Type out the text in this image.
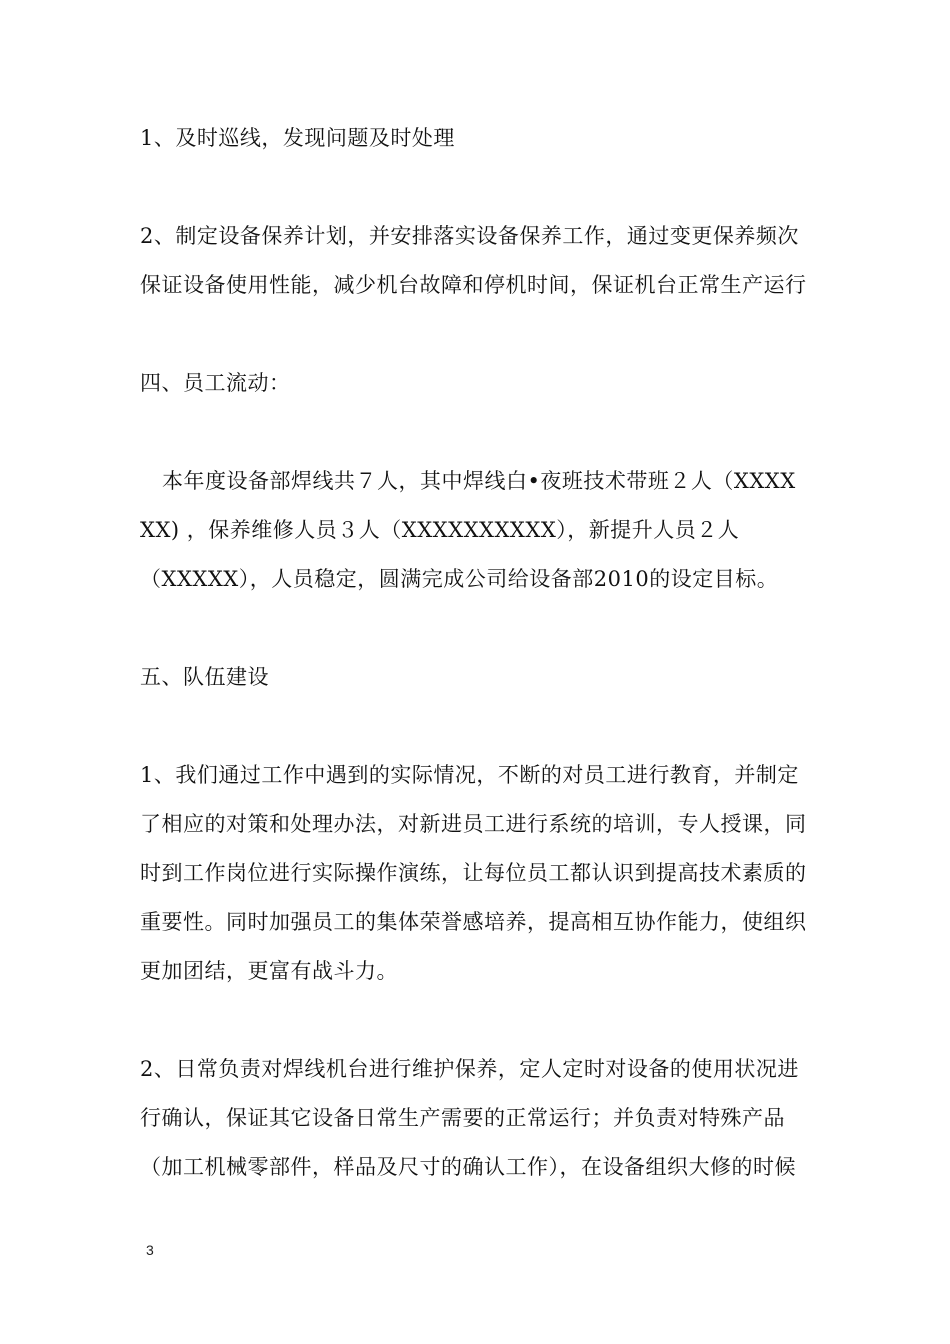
1、及时巡线，发现问题及时处理
2、制定设备保养计划，并安排落实设备保养工作，通过变更保养频次
保证设备使用性能，减少机台故障和停机时间，保证机台正常生产运行
四、员工流动：
本年度设备部焊线共７人，其中焊线白•夜班技术带班２人（XXXX
XX) ，保养维修人员３人（XXXXXXXXXX），新提升人员２人
（XXXXX），人员稳定，圆满完成公司给设备部2010的设定目标。
五、队伍建设
1、我们通过工作中遇到的实际情况，不断的对员工进行教育，并制定
了相应的对策和处理办法，对新进员工进行系统的培训，专人授课，同
时到工作岗位进行实际操作演练，让每位员工都认识到提高技术素质的
重要性。同时加强员工的集体荣誉感培养，提高相互协作能力，使组织
更加团结，更富有战斗力。
2、日常负责对焊线机台进行维护保养，定人定时对设备的使用状况进
行确认，保证其它设备日常生产需要的正常运行；并负责对特殊产品
（加工机械零部件，样品及尺寸的确认工作），在设备组织大修的时候
3
